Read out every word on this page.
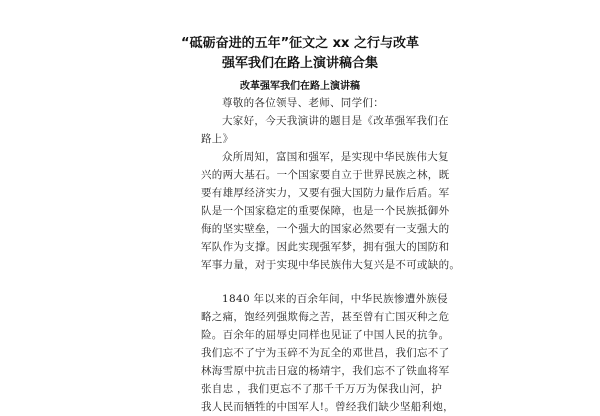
“砥砺奋进的五年”征文之 xx 之行与改革
强军我们在路上演讲稿合集
改革强军我们在路上演讲稿
尊敬的各位领导、老师、同学们：
大家好，今天我演讲的题目是《改革强军我们在
路上》
众所周知，富国和强军，是实现中华民族伟大复
兴的两大基石。一个国家要自立于世界民族之林，既
要有雄厚经济实力，又要有强大国防力量作后盾。军
队是一个国家稳定的重要保障，也是一个民族抵御外
侮的坚实壁垒，一个强大的国家必然要有一支强大的
军队作为支撑。因此实现强军梦，拥有强大的国防和
军事力量，对于实现中华民族伟大复兴是不可或缺的。
1840 年以来的百余年间，中华民族惨遭外族侵
略之痛，饱经列强欺侮之苦，甚至曾有亡国灭种之危
险。百余年的屈辱史同样也见证了中国人民的抗争。
我们忘不了宁为玉碎不为瓦全的邓世昌，我们忘不了
林海雪原中抗击日寇的杨靖宇，我们忘不了铁血将军
张自忠 ，我们更忘不了那千千万万为保我山河，护
我人民而牺牲的中国军人!。曾经我们缺少坚船利炮，
